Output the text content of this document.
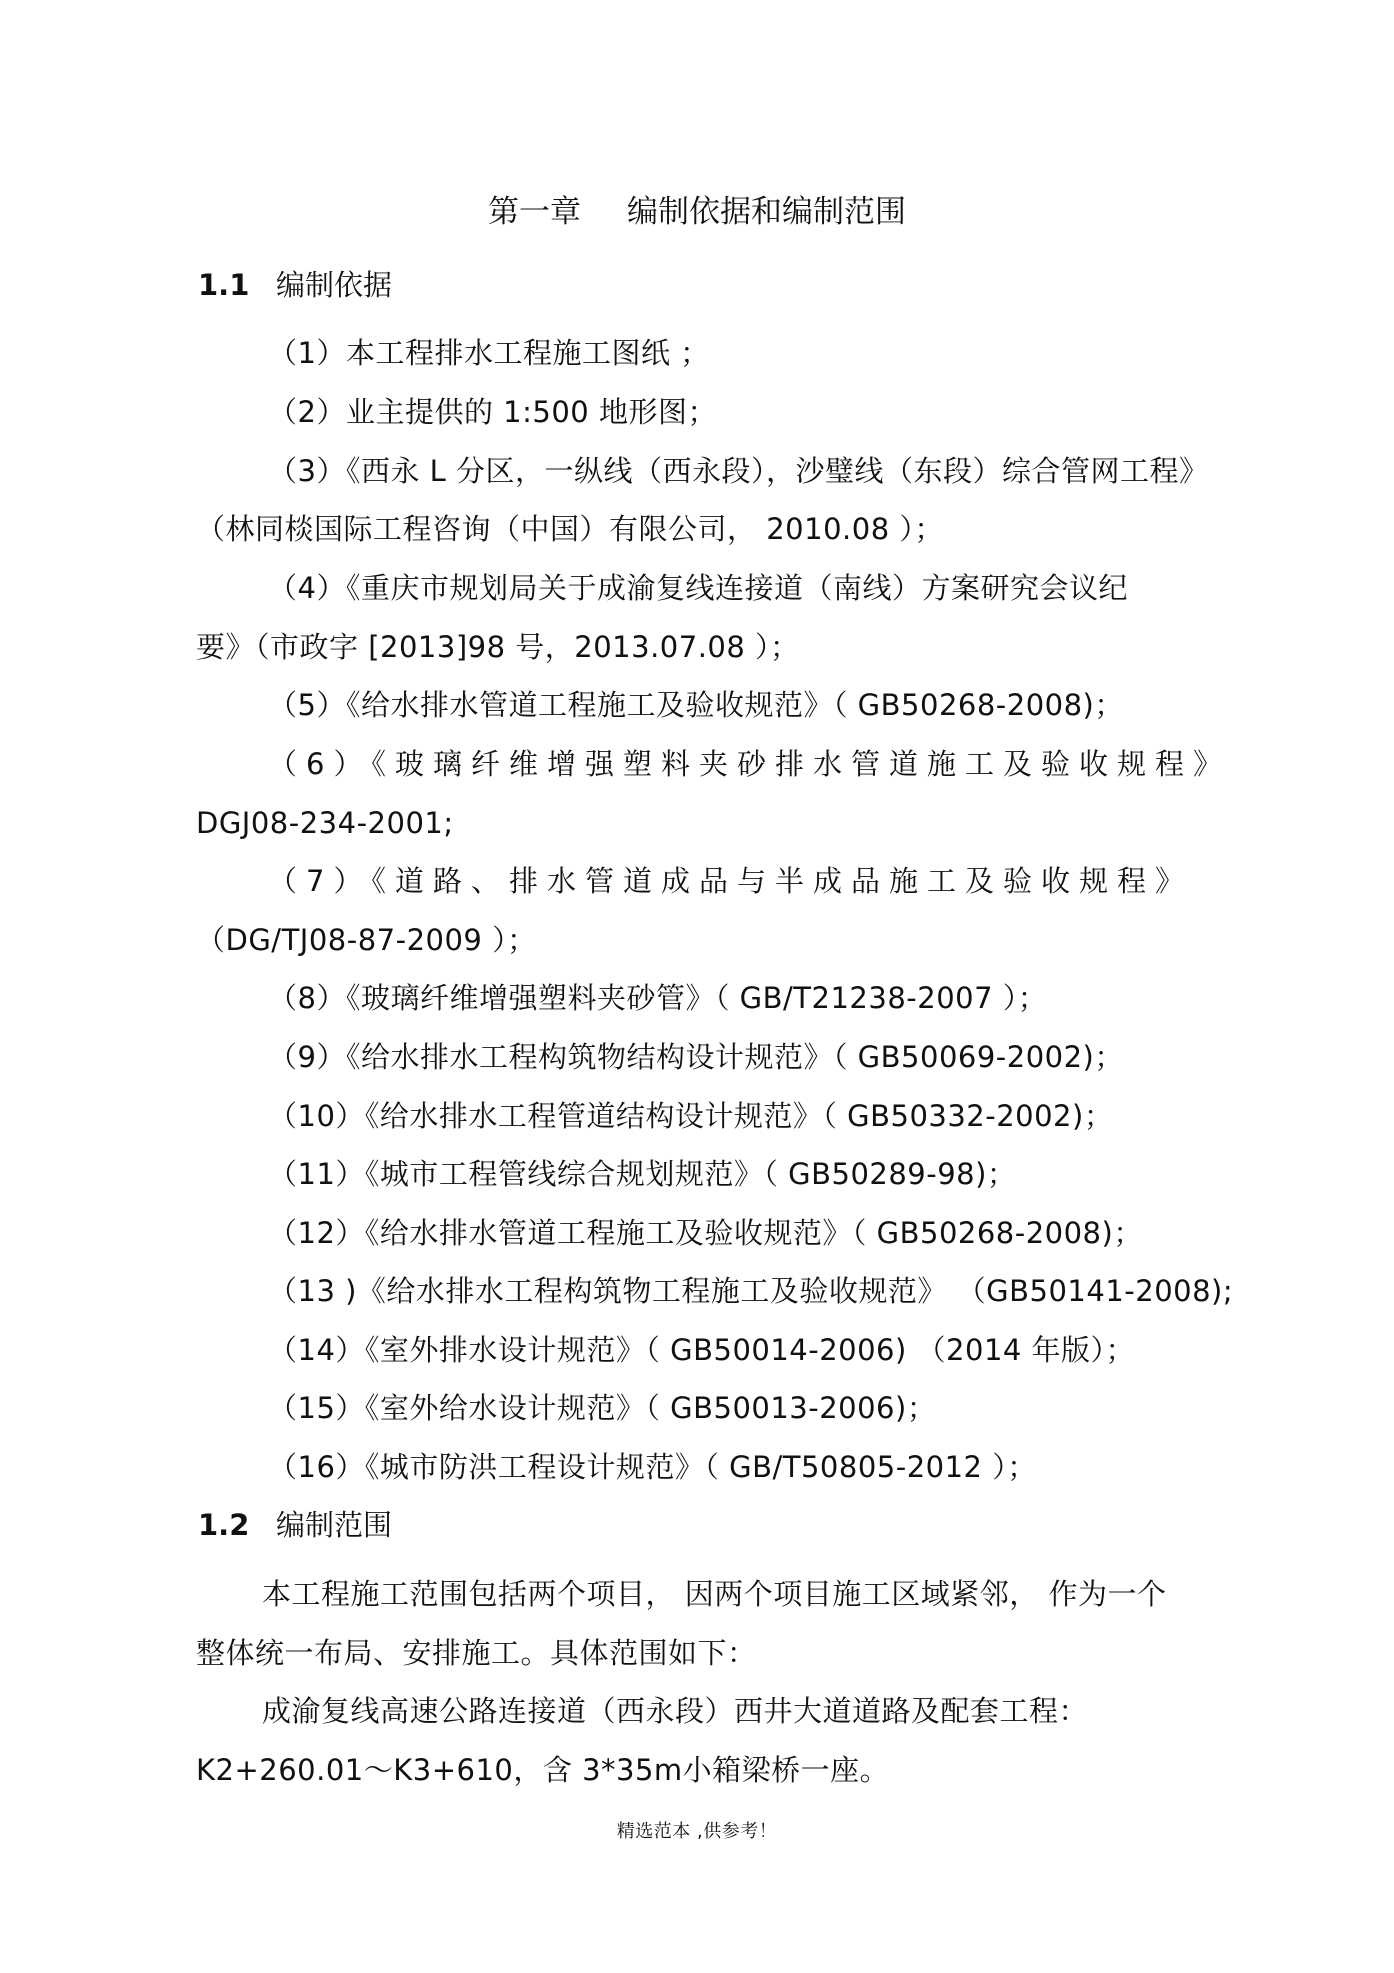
第一章 编制依据和编制范围
1.1 编制依据
（1）本工程排水工程施工图纸 ；
（2）业主提供的 1:500 地形图；
（3）《西永 L 分区，一纵线（西永段），沙璧线（东段）综合管网工程》
（林同棪国际工程咨询（中国）有限公司， 2010.08 ）；
（4）《重庆市规划局关于成渝复线连接道（南线）方案研究会议纪
要》（市政字 [2013]98 号，2013.07.08 ）；
（5）《给水排水管道工程施工及验收规范》（ GB50268-2008)；
（6）《玻璃纤维增强塑料夹砂排水管道施工及验收规程》
DGJ08-234-2001;
（7）《道路、排水管道成品与半成品施工及验收规程》
（DG/TJ08-87-2009 ）；
（8）《玻璃纤维增强塑料夹砂管》（ GB/T21238-2007 ）；
（9）《给水排水工程构筑物结构设计规范》（ GB50069-2002)；
（10）《给水排水工程管道结构设计规范》（ GB50332-2002)；
（11）《城市工程管线综合规划规范》（ GB50289-98)；
（12）《给水排水管道工程施工及验收规范》（ GB50268-2008)；
（13 )《给水排水工程构筑物工程施工及验收规范》 （GB50141-2008);
（14）《室外排水设计规范》（ GB50014-2006) （2014 年版）；
（15）《室外给水设计规范》（ GB50013-2006)；
（16）《城市防洪工程设计规范》（ GB/T50805-2012 ）；
1.2 编制范围
本工程施工范围包括两个项目， 因两个项目施工区域紧邻， 作为一个
整体统一布局、安排施工。具体范围如下：
成渝复线高速公路连接道（西永段）西井大道道路及配套工程：
K2+260.01～K3+610，含 3*35m小箱梁桥一座。
精选范本 ,供参考！
